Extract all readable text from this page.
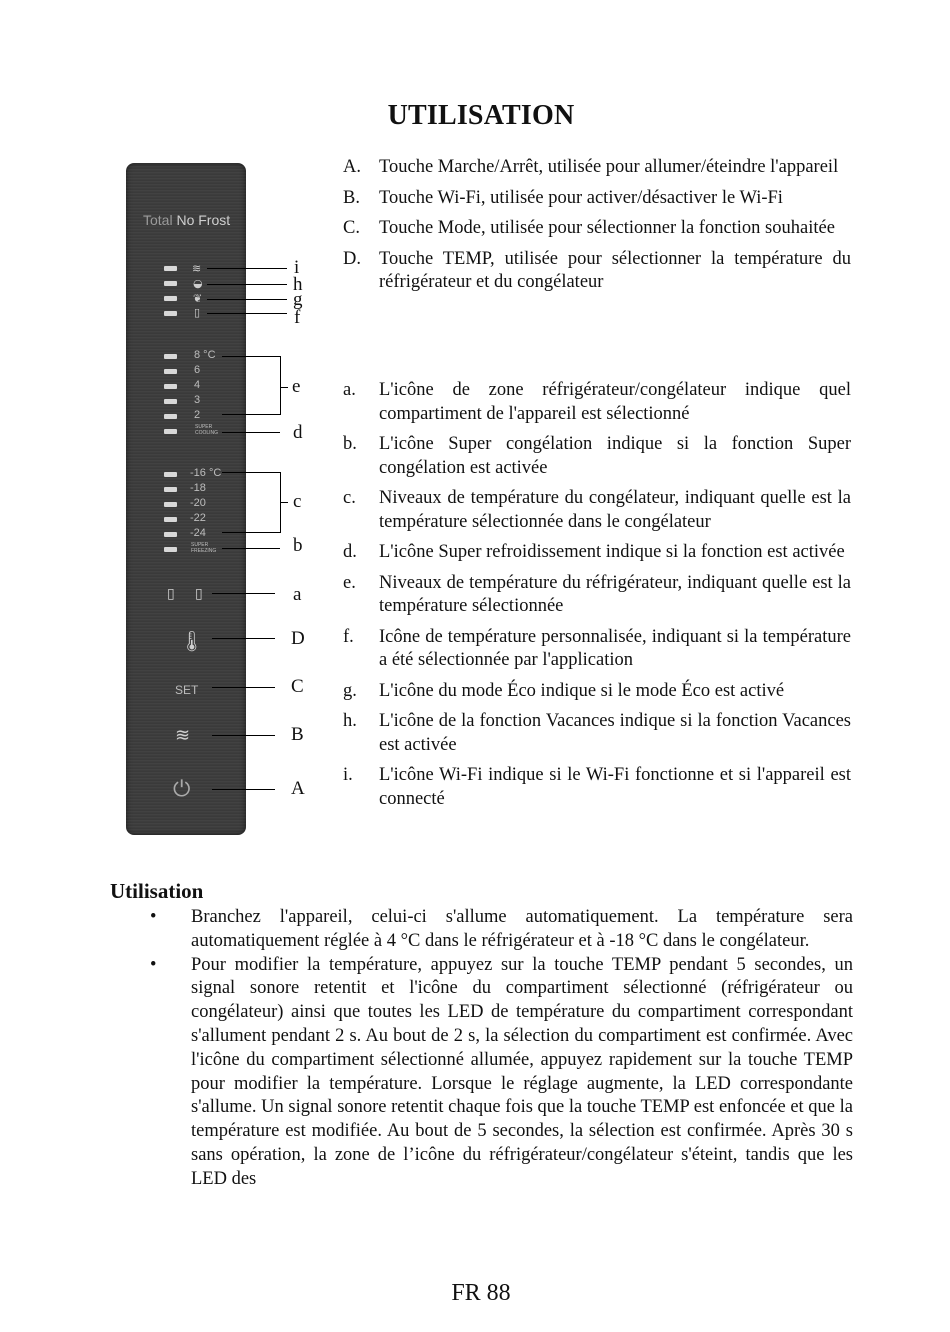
UTILISATION
Total No Frost
≋
◒
❦
▯
8 °C
6
4
3
2
SUPER
COOLING
-16 °C
-18
-20
-22
-24
SUPER
FREEZING
▯ ▯
🌡
SET
≋
⏻
i
h
g
f
e
d
c
b
a
D
C
B
A
A. Touche Marche/Arrêt, utilisée pour allumer/éteindre l'appareil
B. Touche Wi-Fi, utilisée pour activer/désactiver le Wi-Fi
C. Touche Mode, utilisée pour sélectionner la fonction souhaitée
D. Touche TEMP, utilisée pour sélectionner la température du réfrigérateur et du congélateur
a. L'icône de zone réfrigérateur/congélateur indique quel compartiment de l'appareil est sélectionné
b. L'icône Super congélation indique si la fonction Super congélation est activée
c. Niveaux de température du congélateur, indiquant quelle est la température sélectionnée dans le congélateur
d. L'icône Super refroidissement indique si la fonction est activée
e. Niveaux de température du réfrigérateur, indiquant quelle est la température sélectionnée
f. Icône de température personnalisée, indiquant si la température a été sélectionnée par l'application
g. L'icône du mode Éco indique si le mode Éco est activé
h. L'icône de la fonction Vacances indique si la fonction Vacances est activée
i. L'icône Wi-Fi indique si le Wi-Fi fonctionne et si l'appareil est connecté
Utilisation
• Branchez l'appareil, celui-ci s'allume automatiquement. La température sera automatiquement réglée à 4 °C dans le réfrigérateur et à -18 °C dans le congélateur.
• Pour modifier la température, appuyez sur la touche TEMP pendant 5 secondes, un signal sonore retentit et l'icône du compartiment sélectionné (réfrigérateur ou congélateur) ainsi que toutes les LED de température du compartiment correspondant s'allument pendant 2 s. Au bout de 2 s, la sélection du compartiment est confirmée. Avec l'icône du compartiment sélectionné allumée, appuyez rapidement sur la touche TEMP pour modifier la température. Lorsque le réglage augmente, la LED correspondante s'allume. Un signal sonore retentit chaque fois que la touche TEMP est enfoncée et que la température est modifiée. Au bout de 5 secondes, la sélection est confirmée. Après 30 s sans opération, la zone de l’icône du réfrigérateur/congélateur s'éteint, tandis que les LED des
FR 88
